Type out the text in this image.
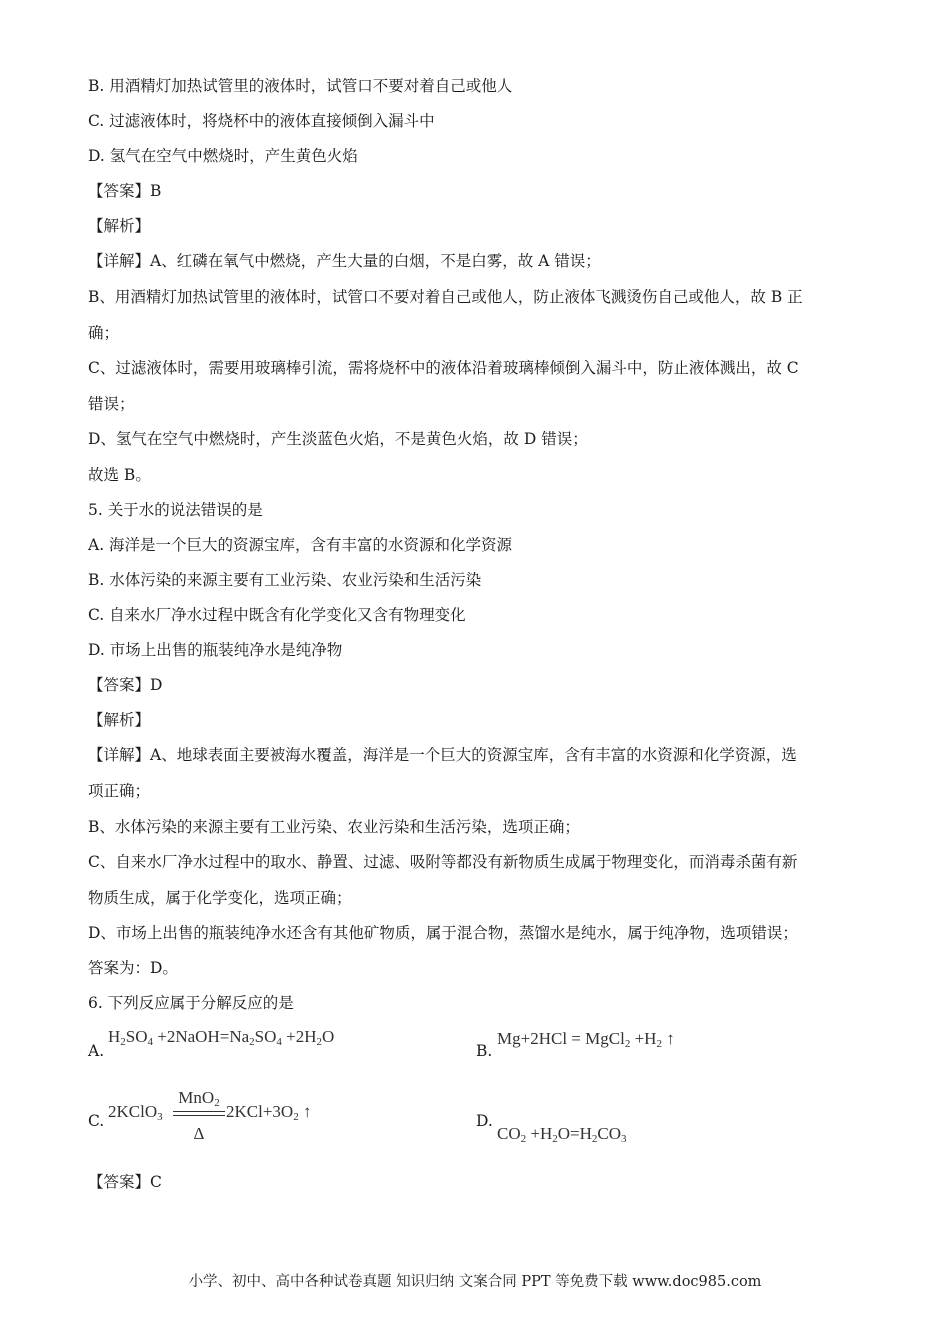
B. 用酒精灯加热试管里的液体时，试管口不要对着自己或他人
C. 过滤液体时，将烧杯中的液体直接倾倒入漏斗中
D. 氢气在空气中燃烧时，产生黄色火焰
【答案】B
【解析】
【详解】A、红磷在氧气中燃烧，产生大量的白烟，不是白雾，故 A 错误；
B、用酒精灯加热试管里的液体时，试管口不要对着自己或他人，防止液体飞溅烫伤自己或他人，故 B 正
确；
C、过滤液体时，需要用玻璃棒引流，需将烧杯中的液体沿着玻璃棒倾倒入漏斗中，防止液体溅出，故 C
错误；
D、氢气在空气中燃烧时，产生淡蓝色火焰，不是黄色火焰，故 D 错误；
故选 B。
5. 关于水的说法错误的是
A. 海洋是一个巨大的资源宝库，含有丰富的水资源和化学资源
B. 水体污染的来源主要有工业污染、农业污染和生活污染
C. 自来水厂净水过程中既含有化学变化又含有物理变化
D. 市场上出售的瓶装纯净水是纯净物
【答案】D
【解析】
【详解】A、地球表面主要被海水覆盖，海洋是一个巨大的资源宝库，含有丰富的水资源和化学资源，选
项正确；
B、水体污染的来源主要有工业污染、农业污染和生活污染，选项正确；
C、自来水厂净水过程中的取水、静置、过滤、吸附等都没有新物质生成属于物理变化，而消毒杀菌有新
物质生成，属于化学变化，选项正确；
D、市场上出售的瓶装纯净水还含有其他矿物质，属于混合物，蒸馏水是纯水，属于纯净物，选项错误；
答案为：D。
6. 下列反应属于分解反应的是
A.
$H_2SO_4$ $+2NaOH=Na_2SO_4 +2H_2O$
B.
Mg+2HCl = MgCl$_2$ $+H_2$ ↑
C. 2KClO$_3$
MnO$_2$
Δ
$2KCl+3O_2$ ↑	D.
$CO_2 +H_2O=H_2CO_3$
【答案】C
小学、初中、高中各种试卷真题 知识归纳 文案合同 PPT 等免费下载 www.doc985.com
